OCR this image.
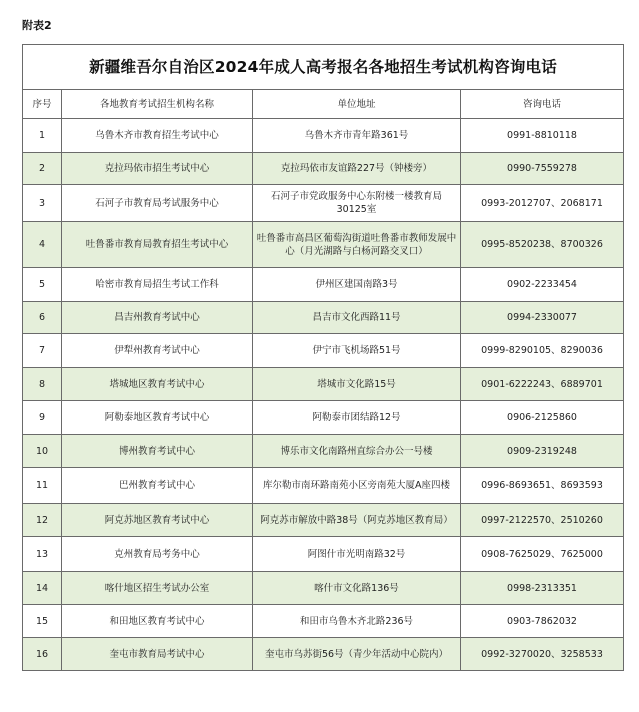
附表2
新疆维吾尔自治区2024年成人高考报名各地招生考试机构咨询电话			
序号	各地教育考试招生机构名称	单位地址	咨询电话
1	乌鲁木齐市教育招生考试中心	乌鲁木齐市青年路361号	0991-8810118
2	克拉玛依市招生考试中心	克拉玛依市友谊路227号（钟楼旁）	0990-7559278
3	石河子市教育局考试服务中心	石河子市党政服务中心东附楼一楼教育局30125室	0993-2012707、2068171
4	吐鲁番市教育局教育招生考试中心	吐鲁番市高昌区葡萄沟街道吐鲁番市教师发展中心（月光湖路与白杨河路交叉口）	0995-8520238、8700326
5	哈密市教育局招生考试工作科	伊州区建国南路3号	0902-2233454
6	昌吉州教育考试中心	昌吉市文化西路11号	0994-2330077
7	伊犁州教育考试中心	伊宁市飞机场路51号	0999-8290105、8290036
8	塔城地区教育考试中心	塔城市文化路15号	0901-6222243、6889701
9	阿勒泰地区教育考试中心	阿勒泰市团结路12号	0906-2125860
10	博州教育考试中心	博乐市文化南路州直综合办公一号楼	0909-2319248
11	巴州教育考试中心	库尔勒市南环路南苑小区旁南苑大厦A座四楼	0996-8693651、8693593
12	阿克苏地区教育考试中心	阿克苏市解放中路38号（阿克苏地区教育局）	0997-2122570、2510260
13	克州教育局考务中心	阿图什市光明南路32号	0908-7625029、7625000
14	喀什地区招生考试办公室	喀什市文化路136号	0998-2313351
15	和田地区教育考试中心	和田市乌鲁木齐北路236号	0903-7862032
16	奎屯市教育局考试中心	奎屯市乌苏街56号（青少年活动中心院内）	0992-3270020、3258533
